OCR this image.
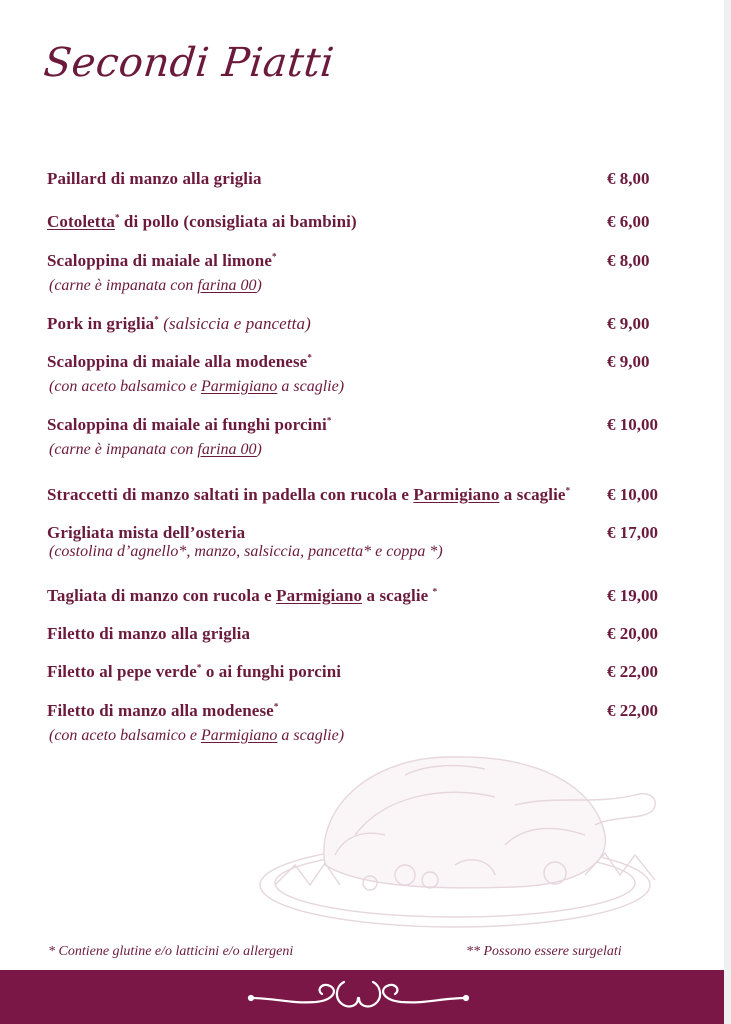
Secondi Piatti
Paillard di manzo alla griglia	€ 8,00
Cotoletta* di pollo (consigliata ai bambini)	€ 6,00
Scaloppina di maiale al limone*	€ 8,00
(carne è impanata con farina 00)
Pork in griglia* (salsiccia e pancetta)	€ 9,00
Scaloppina di maiale alla modenese*	€ 9,00
(con aceto balsamico e Parmigiano a scaglie)
Scaloppina di maiale ai funghi porcini*	€ 10,00
(carne è impanata con farina 00)
Straccetti di manzo saltati in padella con rucola e Parmigiano a scaglie* € 10,00
Grigliata mista dell’osteria	€ 17,00
(costolina d’agnello*, manzo, salsiccia, pancetta* e coppa *)
Tagliata di manzo con rucola e Parmigiano a scaglie *	€ 19,00
Filetto di manzo alla griglia	€ 20,00
Filetto al pepe verde* o ai funghi porcini	€ 22,00
Filetto di manzo alla modenese*	€ 22,00
(con aceto balsamico e Parmigiano a scaglie)
* Contiene glutine e/o latticini e/o allergeni	** Possono essere surgelati
